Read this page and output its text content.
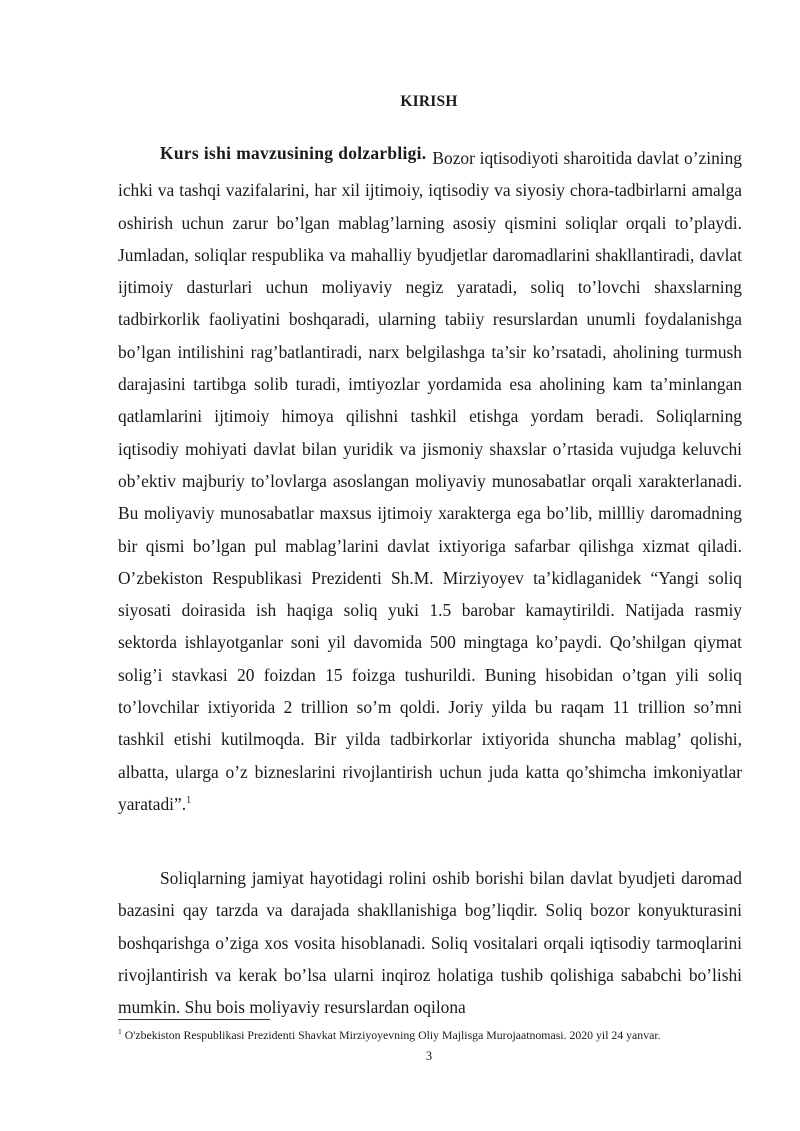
KIRISH

Kurs ishi mavzusining dolzarbligi. Bozor iqtisodiyoti sharoitida davlat o’zining ichki va tashqi vazifalarini, har xil ijtimoiy, iqtisodiy va siyosiy chora-tadbirlarni amalga oshirish uchun zarur bo’lgan mablag’larning asosiy qismini soliqlar orqali to’playdi. Jumladan, soliqlar respublika va mahalliy byudjetlar daromadlarini shakllantiradi, davlat ijtimoiy dasturlari uchun moliyaviy negiz yaratadi, soliq to’lovchi shaxslarning tadbirkorlik faoliyatini boshqaradi, ularning tabiiy resurslardan unumli foydalanishga bo’lgan intilishini rag’batlantiradi, narx belgilashga ta’sir ko’rsatadi, aholining turmush darajasini tartibga solib turadi, imtiyozlar yordamida esa aholining kam ta’minlangan qatlamlarini ijtimoiy himoya qilishni tashkil etishga yordam beradi. Soliqlarning iqtisodiy mohiyati davlat bilan yuridik va jismoniy shaxslar o’rtasida vujudga keluvchi ob’ektiv majburiy to’lovlarga asoslangan moliyaviy munosabatlar orqali xarakterlanadi. Bu moliyaviy munosabatlar maxsus ijtimoiy xarakterga ega bo’lib, millliy daromadning bir qismi bo’lgan pul mablag’larini davlat ixtiyoriga safarbar qilishga xizmat qiladi. O’zbekiston Respublikasi Prezidenti Sh.M. Mirziyoyev ta’kidlaganidek “Yangi soliq siyosati doirasida ish haqiga soliq yuki 1.5 barobar kamaytirildi. Natijada rasmiy sektorda ishlayotganlar soni yil davomida 500 mingtaga ko’paydi. Qo’shilgan qiymat solig’i stavkasi 20 foizdan 15 foizga tushurildi. Buning hisobidan o’tgan yili soliq to’lovchilar ixtiyorida 2 trillion so’m qoldi. Joriy yilda bu raqam 11 trillion so’mni tashkil etishi kutilmoqda. Bir yilda tadbirkorlar ixtiyorida shuncha mablag’ qolishi, albatta, ularga o’z bizneslarini rivojlantirish uchun juda katta qo’shimcha imkoniyatlar yaratadi”.$^1$

Soliqlarning jamiyat hayotidagi rolini oshib borishi bilan davlat byudjeti daromad bazasini qay tarzda va darajada shakllanishiga bog’liqdir. Soliq bozor konyukturasini boshqarishga o’ziga xos vosita hisoblanadi. Soliq vositalari orqali iqtisodiy tarmoqlarini rivojlantirish va kerak bo’lsa ularni inqiroz holatiga tushib qolishiga sababchi bo’lishi mumkin. Shu bois moliyaviy resurslardan oqilona

$^1$ O'zbekiston Respublikasi Prezidenti Shavkat Mirziyoyevning Oliy Majlisga Murojaatnomasi. 2020 yil 24 yanvar.
3
